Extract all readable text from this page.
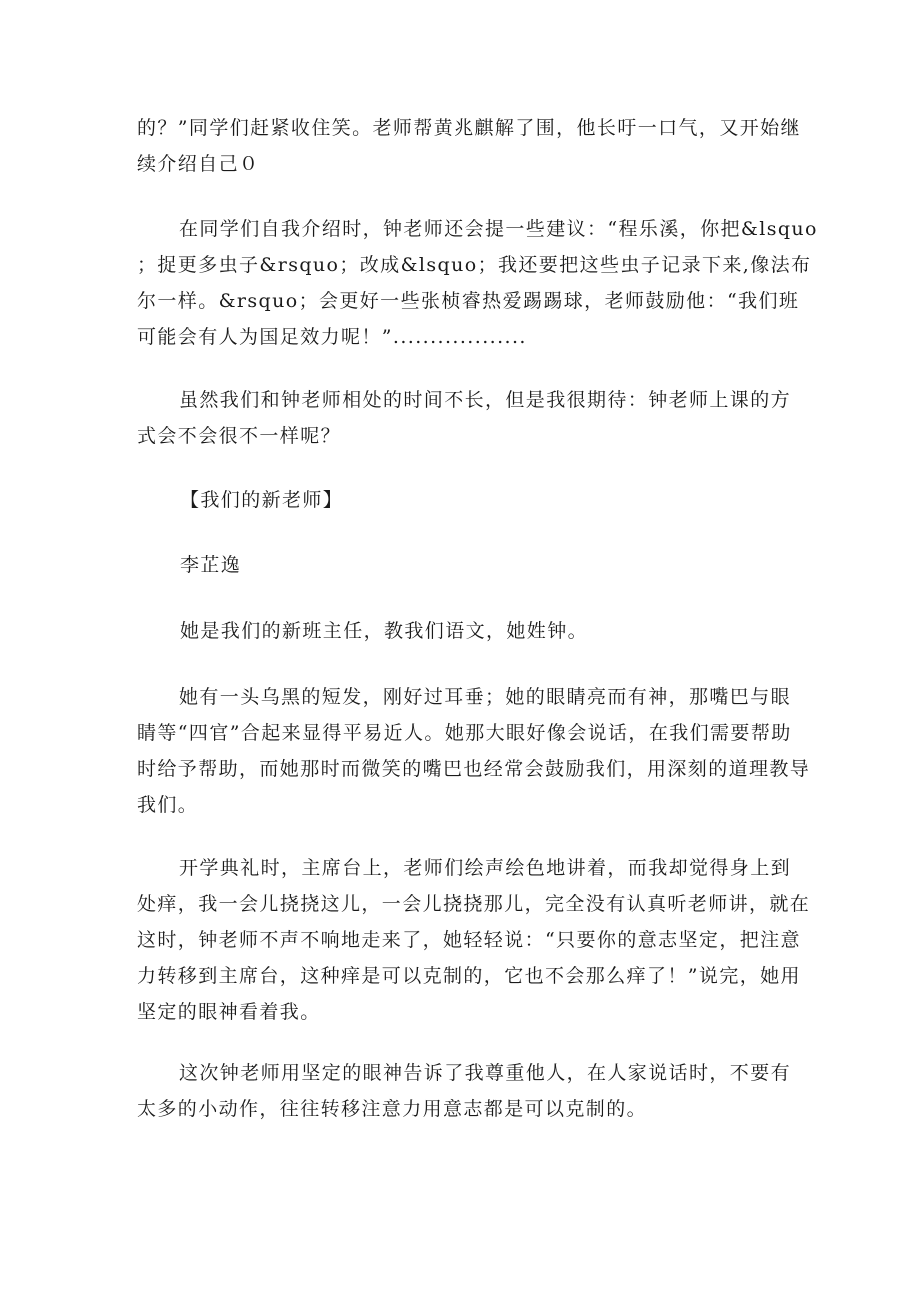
的？”同学们赶紧收住笑。老师帮黄兆麒解了围，他长吁一口气，又开始继

续介绍自己０

在同学们自我介绍时，钟老师还会提一些建议：“程乐溪，你把&lsquo

；捉更多虫子&rsquo；改成&lsquo；我还要把这些虫子记录下来,像法布

尔一样。&rsquo；会更好一些张桢睿热爱踢踢球，老师鼓励他：“我们班

可能会有人为国足效力呢！”..................

虽然我们和钟老师相处的时间不长，但是我很期待：钟老师上课的方

式会不会很不一样呢？

【我们的新老师】

李芷逸

她是我们的新班主任，教我们语文，她姓钟。

她有一头乌黑的短发，刚好过耳垂；她的眼睛亮而有神，那嘴巴与眼

睛等“四官”合起来显得平易近人。她那大眼好像会说话，在我们需要帮助

时给予帮助，而她那时而微笑的嘴巴也经常会鼓励我们，用深刻的道理教导

我们。

开学典礼时，主席台上，老师们绘声绘色地讲着，而我却觉得身上到

处痒，我一会儿挠挠这儿，一会儿挠挠那儿，完全没有认真听老师讲，就在

这时，钟老师不声不响地走来了，她轻轻说：“只要你的意志坚定，把注意

力转移到主席台，这种痒是可以克制的，它也不会那么痒了！”说完，她用

坚定的眼神看着我。

这次钟老师用坚定的眼神告诉了我尊重他人，在人家说话时，不要有

太多的小动作，往往转移注意力用意志都是可以克制的。
